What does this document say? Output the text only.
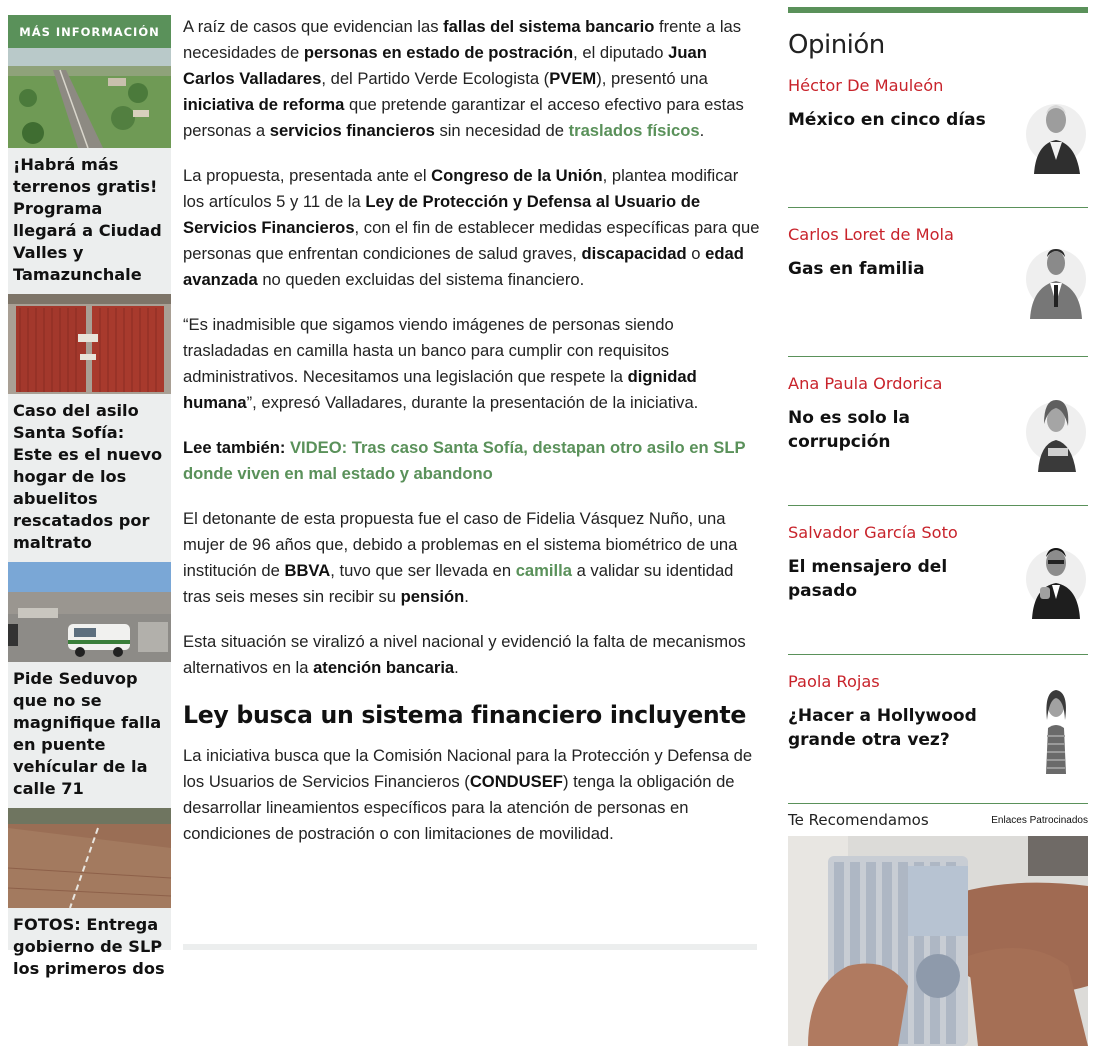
MÁS INFORMACIÓN
¡Habrá más terrenos gratis! Programa llegará a Ciudad Valles y Tamazunchale
Caso del asilo Santa Sofía: Este es el nuevo hogar de los abuelitos rescatados por maltrato
Pide Seduvop que no se magnifique falla en puente vehícular de la calle 71
FOTOS: Entrega gobierno de SLP los primeros dos

A raíz de casos que evidencian las fallas del sistema bancario frente a las necesidades de personas en estado de postración, el diputado Juan Carlos Valladares, del Partido Verde Ecologista (PVEM), presentó una iniciativa de reforma que pretende garantizar el acceso efectivo para estas personas a servicios financieros sin necesidad de traslados físicos.

La propuesta, presentada ante el Congreso de la Unión, plantea modificar los artículos 5 y 11 de la Ley de Protección y Defensa al Usuario de Servicios Financieros, con el fin de establecer medidas específicas para que personas que enfrentan condiciones de salud graves, discapacidad o edad avanzada no queden excluidas del sistema financiero.

“Es inadmisible que sigamos viendo imágenes de personas siendo trasladadas en camilla hasta un banco para cumplir con requisitos administrativos. Necesitamos una legislación que respete la dignidad humana”, expresó Valladares, durante la presentación de la iniciativa.

Lee también: VIDEO: Tras caso Santa Sofía, destapan otro asilo en SLP donde viven en mal estado y abandono

El detonante de esta propuesta fue el caso de Fidelia Vásquez Nuño, una mujer de 96 años que, debido a problemas en el sistema biométrico de una institución de BBVA, tuvo que ser llevada en camilla a validar su identidad tras seis meses sin recibir su pensión.

Esta situación se viralizó a nivel nacional y evidenció la falta de mecanismos alternativos en la atención bancaria.

Ley busca un sistema financiero incluyente

La iniciativa busca que la Comisión Nacional para la Protección y Defensa de los Usuarios de Servicios Financieros (CONDUSEF) tenga la obligación de desarrollar lineamientos específicos para la atención de personas en condiciones de postración o con limitaciones de movilidad.

Opinión
Héctor De Mauleón
México en cinco días
Carlos Loret de Mola
Gas en familia
Ana Paula Ordorica
No es solo la corrupción
Salvador García Soto
El mensajero del pasado
Paola Rojas
¿Hacer a Hollywood grande otra vez?
Te Recomendamos	Enlaces Patrocinados
